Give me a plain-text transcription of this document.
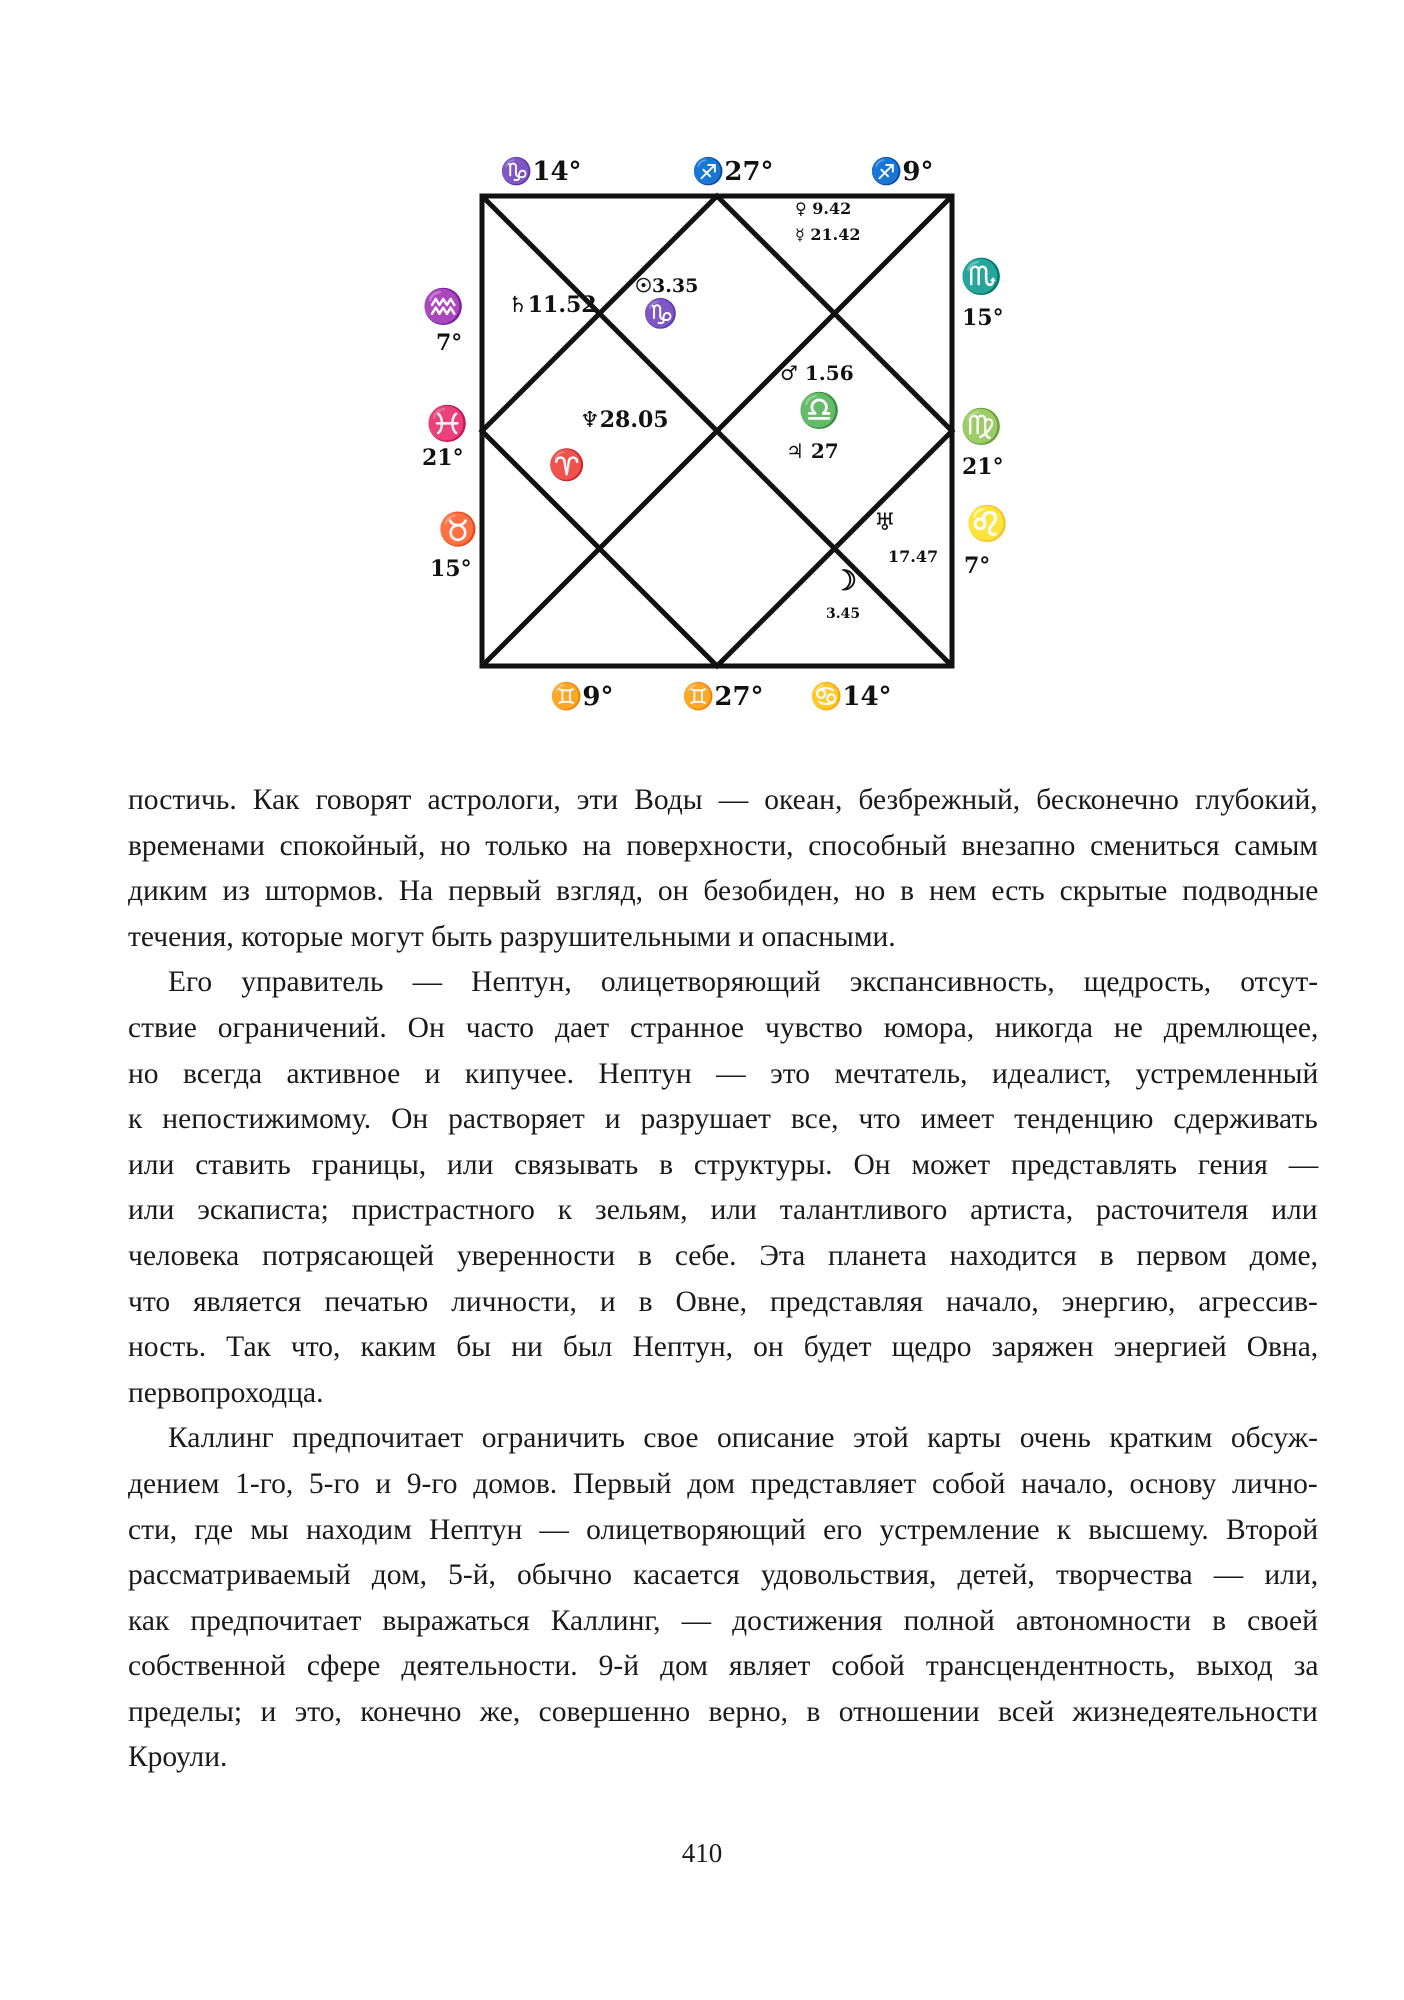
♑14°	♐27°	♐9°
♒
7°
♓
21°
♉
15°
♏
15°
♍
21°
♌
7°
♊9°	♊27° ♋14°
♀ 9.42
☿ 21.42
♄11.52
☉3.35
♑
♂ 1.56
♎
♃ 27
♆28.05
♈
♅
17.47
☽
3.45
постичь. Как говорят астрологи, эти Воды — океан, безбрежный, бесконечно глубокий,
временами спокойный, но только на поверхности, способный внезапно смениться самым
диким из штормов. На первый взгляд, он безобиден, но в нем есть скрытые подводные
течения, которые могут быть разрушительными и опасными.
Его управитель — Нептун, олицетворяющий экспансивность, щедрость, отсут-
ствие ограничений. Он часто дает странное чувство юмора, никогда не дремлющее,
но всегда активное и кипучее. Нептун — это мечтатель, идеалист, устремленный
к непостижимому. Он растворяет и разрушает все, что имеет тенденцию сдерживать
или ставить границы, или связывать в структуры. Он может представлять гения —
или эскаписта; пристрастного к зельям, или талантливого артиста, расточителя или
человека потрясающей уверенности в себе. Эта планета находится в первом доме,
что является печатью личности, и в Овне, представляя начало, энергию, агрессив-
ность. Так что, каким бы ни был Нептун, он будет щедро заряжен энергией Овна,
первопроходца.
Каллинг предпочитает ограничить свое описание этой карты очень кратким обсуж-
дением 1-го, 5-го и 9-го домов. Первый дом представляет собой начало, основу лично-
сти, где мы находим Нептун — олицетворяющий его устремление к высшему. Второй
рассматриваемый дом, 5-й, обычно касается удовольствия, детей, творчества — или,
как предпочитает выражаться Каллинг, — достижения полной автономности в своей
собственной сфере деятельности. 9-й дом являет собой трансцендентность, выход за
пределы; и это, конечно же, совершенно верно, в отношении всей жизнедеятельности
Кроули.
410
